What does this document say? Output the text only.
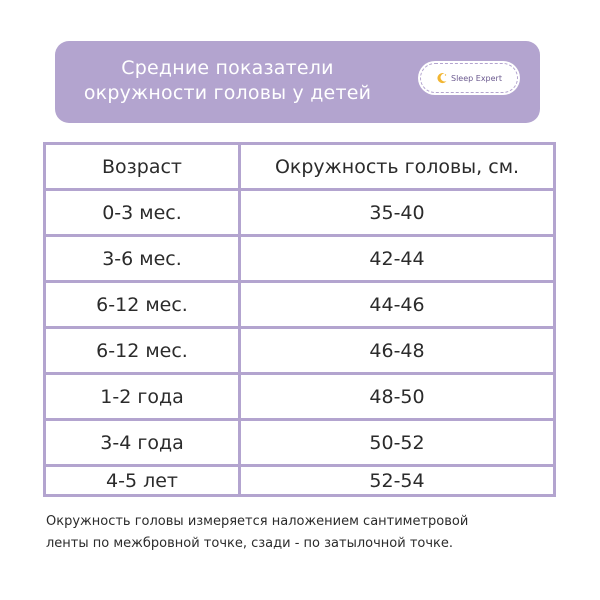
Средние показатели
окружности головы у детей
Sleep Expert
Возраст	Окружность головы, см.
0-3 мес.	35-40
3-6 мес.	42-44
6-12 мес.	44-46
6-12 мес.	46-48
1-2 года	48-50
3-4 года	50-52
4-5 лет	52-54
Окружность головы измеряется наложением сантиметровой
ленты по межбровной точке, сзади - по затылочной точке.
